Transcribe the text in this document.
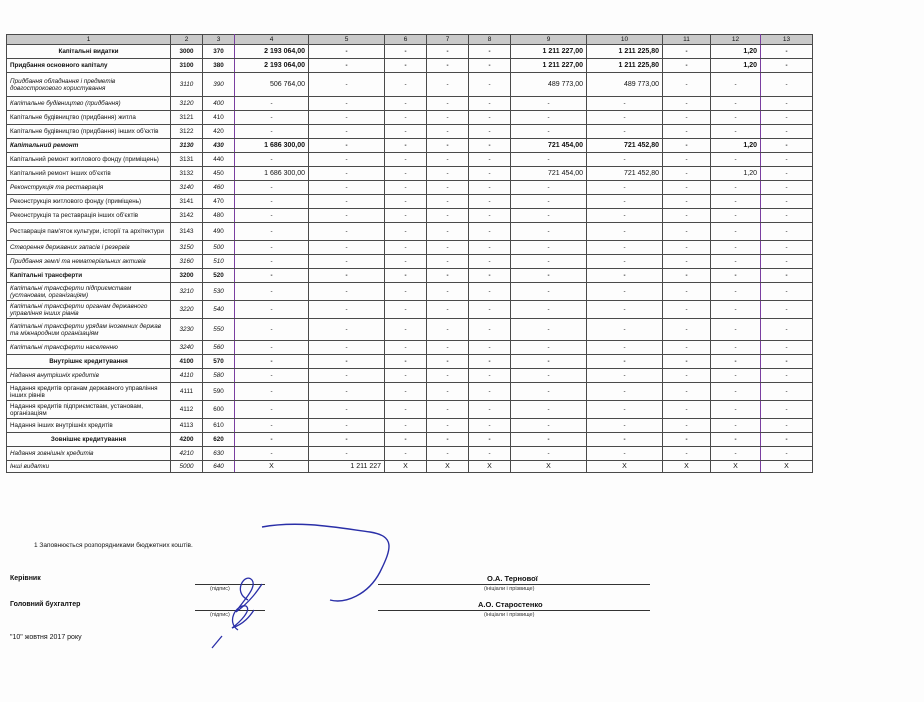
1	2	3	4	5	6	7	8	9	10	11	12	13
Капітальні видатки	3000	370	2 193 064,00	-	-	-	-	1 211 227,00	1 211 225,80	-	1,20	-
Придбання основного капіталу	3100	380	2 193 064,00	-	-	-	-	1 211 227,00	1 211 225,80	-	1,20	-
Придбання обладнання і предметів довгострокового користування	3110	390	506 764,00	-	-	-	-	489 773,00	489 773,00	-	-	-
Капітальне будівництво (придбання)	3120	400	-	-	-	-	-	-	-	-	-	-
Капітальне будівництво (придбання) житла	3121	410	-	-	-	-	-	-	-	-	-	-
Капітальне будівництво (придбання) інших об'єктів	3122	420	-	-	-	-	-	-	-	-	-	-
Капітальний ремонт	3130	430	1 686 300,00	-	-	-	-	721 454,00	721 452,80	-	1,20	-
Капітальний ремонт житлового фонду (приміщень)	3131	440	-	-	-	-	-	-	-	-	-	-
Капітальний ремонт інших об'єктів	3132	450	1 686 300,00	-	-	-	-	721 454,00	721 452,80	-	1,20	-
Реконструкція та реставрація	3140	460	-	-	-	-	-	-	-	-	-	-
Реконструкція житлового фонду (приміщень)	3141	470	-	-	-	-	-	-	-	-	-	-
Реконструкція та реставрація інших об'єктів	3142	480	-	-	-	-	-	-	-	-	-	-
Реставрація пам'яток культури, історії та архітектури	3143	490	-	-	-	-	-	-	-	-	-	-
Створення державних запасів і резервів	3150	500	-	-	-	-	-	-	-	-	-	-
Придбання землі та нематеріальних активів	3160	510	-	-	-	-	-	-	-	-	-	-
Капітальні трансферти	3200	520	-	-	-	-	-	-	-	-	-	-
Капітальні трансферти підприємствам (установам, організаціям)	3210	530	-	-	-	-	-	-	-	-	-	-
Капітальні трансферти органам державного управління інших рівнів	3220	540	-	-	-	-	-	-	-	-	-	-
Капітальні трансферти урядам іноземних держав та міжнародним організаціям	3230	550	-	-	-	-	-	-	-	-	-	-
Капітальні трансферти населенню	3240	560	-	-	-	-	-	-	-	-	-	-
Внутрішнє кредитування	4100	570	-	-	-	-	-	-	-	-	-	-
Надання внутрішніх кредитів	4110	580	-	-	-	-	-	-	-	-	-	-
Надання кредитів органам державного управління інших рівнів	4111	590	-	-	-	-	-	-	-	-	-	-
Надання кредитів підприємствам, установам, організаціям	4112	600	-	-	-	-	-	-	-	-	-	-
Надання інших внутрішніх кредитів	4113	610	-	-	-	-	-	-	-	-	-	-
Зовнішнє кредитування	4200	620	-	-	-	-	-	-	-	-	-	-
Надання зовнішніх кредитів	4210	630	-	-	-	-	-	-	-	-	-	-
Інші видатки	5000	640	X	1 211 227	X	X	X	X	X	X	X	X
1 Заповнюється розпорядниками бюджетних коштів.
Керівник
(підпис)
О.А. Тернової
(ініціали і прізвище)
Головний бухгалтер
(підпис)
А.О. Старостенко
(ініціали і прізвище)
"10" жовтня 2017 року
